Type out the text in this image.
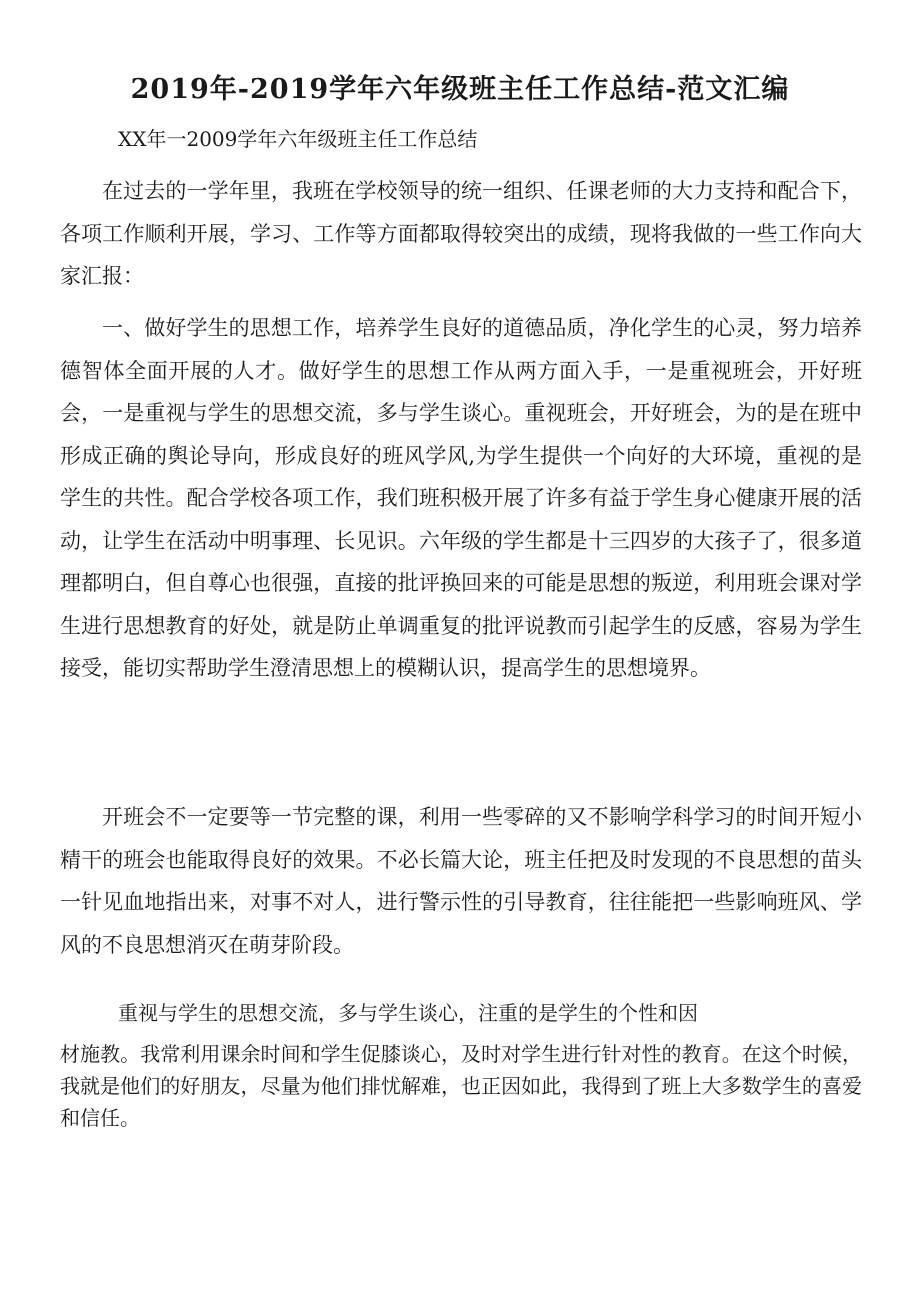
2019年-2019学年六年级班主任工作总结-范文汇编
XX年一2009学年六年级班主任工作总结

在过去的一学年里，我班在学校领导的统一组织、任课老师的大力支持和配合下，各项工作顺利开展，学习、工作等方面都取得较突出的成绩，现将我做的一些工作向大家汇报：

一、做好学生的思想工作，培养学生良好的道德品质，净化学生的心灵，努力培养德智体全面开展的人才。做好学生的思想工作从两方面入手，一是重视班会，开好班会，一是重视与学生的思想交流，多与学生谈心。重视班会，开好班会，为的是在班中形成正确的舆论导向，形成良好的班风学风,为学生提供一个向好的大环境，重视的是学生的共性。配合学校各项工作，我们班积极开展了许多有益于学生身心健康开展的活动，让学生在活动中明事理、长见识。六年级的学生都是十三四岁的大孩子了，很多道理都明白，但自尊心也很强，直接的批评换回来的可能是思想的叛逆，利用班会课对学生进行思想教育的好处，就是防止单调重复的批评说教而引起学生的反感，容易为学生接受，能切实帮助学生澄清思想上的模糊认识，提高学生的思想境界。

开班会不一定要等一节完整的课，利用一些零碎的又不影响学科学习的时间开短小精干的班会也能取得良好的效果。不必长篇大论，班主任把及时发现的不良思想的苗头一针见血地指出来，对事不对人，进行警示性的引导教育，往往能把一些影响班风、学风的不良思想消灭在萌芽阶段。

重视与学生的思想交流，多与学生谈心，注重的是学生的个性和因

材施教。我常利用课余时间和学生促膝谈心，及时对学生进行针对性的教育。在这个时候，我就是他们的好朋友，尽量为他们排忧解难，也正因如此，我得到了班上大多数学生的喜爱和信任。
